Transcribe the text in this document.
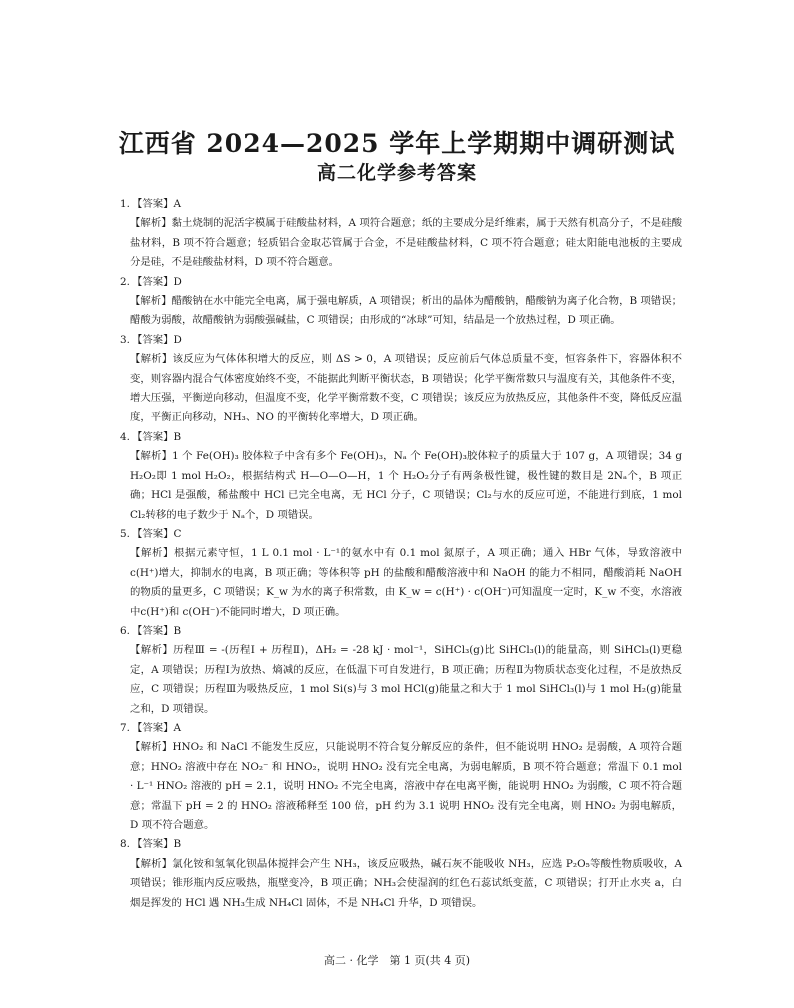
江西省 2024—2025 学年上学期期中调研测试
高二化学参考答案
1. 【答案】A
【解析】黏土烧制的泥活字模属于硅酸盐材料，A 项符合题意；纸的主要成分是纤维素，属于天然有机高分子，不是硅酸盐材料，B 项不符合题意；轻质铝合金取芯管属于合金，不是硅酸盐材料，C 项不符合题意；硅太阳能电池板的主要成分是硅，不是硅酸盐材料，D 项不符合题意。
2. 【答案】D
【解析】醋酸钠在水中能完全电离，属于强电解质，A 项错误；析出的晶体为醋酸钠，醋酸钠为离子化合物，B 项错误；醋酸为弱酸，故醋酸钠为弱酸强碱盐，C 项错误；由形成的“冰球”可知，结晶是一个放热过程，D 项正确。
3. 【答案】D
【解析】该反应为气体体积增大的反应，则 ΔS > 0，A 项错误；反应前后气体总质量不变，恒容条件下，容器体积不变，则容器内混合气体密度始终不变，不能据此判断平衡状态，B 项错误；化学平衡常数只与温度有关，其他条件不变，增大压强，平衡逆向移动，但温度不变，化学平衡常数不变，C 项错误；该反应为放热反应，其他条件不变，降低反应温度，平衡正向移动，NH₃、NO 的平衡转化率增大，D 项正确。
4. 【答案】B
【解析】1 个 Fe(OH)₃ 胶体粒子中含有多个 Fe(OH)₃，Nₐ 个 Fe(OH)₃胶体粒子的质量大于 107 g，A 项错误；34 g H₂O₂即 1 mol H₂O₂，根据结构式 H—O—O—H，1 个 H₂O₂分子有两条极性键，极性键的数目是 2Nₐ个，B 项正确；HCl 是强酸，稀盐酸中 HCl 已完全电离，无 HCl 分子，C 项错误；Cl₂与水的反应可逆，不能进行到底，1 mol Cl₂转移的电子数少于 Nₐ个，D 项错误。
5. 【答案】C
【解析】根据元素守恒，1 L 0.1 mol · L⁻¹的氨水中有 0.1 mol 氮原子，A 项正确；通入 HBr 气体，导致溶液中 c(H⁺)增大，抑制水的电离，B 项正确；等体积等 pH 的盐酸和醋酸溶液中和 NaOH 的能力不相同，醋酸消耗 NaOH 的物质的量更多，C 项错误；K_w 为水的离子积常数，由 K_w = c(H⁺) · c(OH⁻)可知温度一定时，K_w 不变，水溶液中c(H⁺)和 c(OH⁻)不能同时增大，D 项正确。
6. 【答案】B
【解析】历程Ⅲ = -(历程Ⅰ + 历程Ⅱ)，ΔH₂ = -28 kJ · mol⁻¹，SiHCl₃(g)比 SiHCl₃(l)的能量高，则 SiHCl₃(l)更稳定，A 项错误；历程Ⅰ为放热、熵减的反应，在低温下可自发进行，B 项正确；历程Ⅱ为物质状态变化过程，不是放热反应，C 项错误；历程Ⅲ为吸热反应，1 mol Si(s)与 3 mol HCl(g)能量之和大于 1 mol SiHCl₃(l)与 1 mol H₂(g)能量之和，D 项错误。
7. 【答案】A
【解析】HNO₂ 和 NaCl 不能发生反应，只能说明不符合复分解反应的条件，但不能说明 HNO₂ 是弱酸，A 项符合题意；HNO₂ 溶液中存在 NO₂⁻ 和 HNO₂，说明 HNO₂ 没有完全电离，为弱电解质，B 项不符合题意；常温下 0.1 mol · L⁻¹ HNO₂ 溶液的 pH = 2.1，说明 HNO₂ 不完全电离，溶液中存在电离平衡，能说明 HNO₂ 为弱酸，C 项不符合题意；常温下 pH = 2 的 HNO₂ 溶液稀释至 100 倍，pH 约为 3.1 说明 HNO₂ 没有完全电离，则 HNO₂ 为弱电解质，D 项不符合题意。
8. 【答案】B
【解析】氯化铵和氢氧化钡晶体搅拌会产生 NH₃，该反应吸热，碱石灰不能吸收 NH₃，应选 P₂O₅等酸性物质吸收，A 项错误；锥形瓶内反应吸热，瓶壁变冷，B 项正确；NH₃会使湿润的红色石蕊试纸变蓝，C 项错误；打开止水夹 a，白烟是挥发的 HCl 遇 NH₃生成 NH₄Cl 固体，不是 NH₄Cl 升华，D 项错误。
高二 · 化学　第 1 页(共 4 页)
